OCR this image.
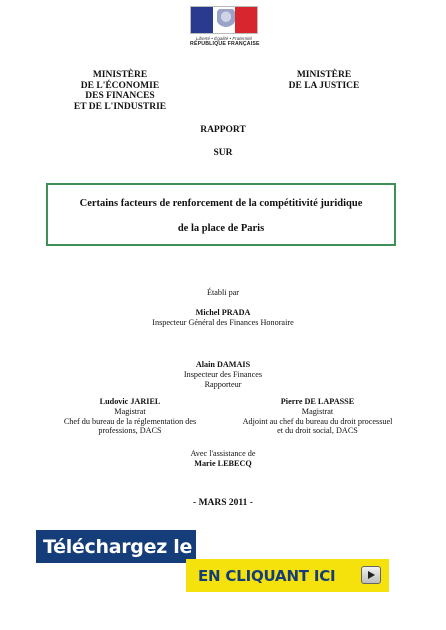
Liberté • Égalité • Fraternité
RÉPUBLIQUE FRANÇAISE
MINISTÈRE
DE L'ÉCONOMIE
DES FINANCES
ET DE L'INDUSTRIE
MINISTÈRE
DE LA JUSTICE
RAPPORT
SUR
Certains facteurs de renforcement de la compétitivité juridique
de la place de Paris
Établi par
Michel PRADA
Inspecteur Général des Finances Honoraire
Alain DAMAIS
Inspecteur des Finances
Rapporteur
Ludovic JARIEL
Magistrat
Chef du bureau de la réglementation des
professions, DACS
Pierre DE LAPASSE
Magistrat
Adjoint au chef du bureau du droit processuel
et du droit social, DACS
Avec l'assistance de
Marie LEBECQ
- MARS 2011 -
Téléchargez le
EN CLIQUANT ICI
